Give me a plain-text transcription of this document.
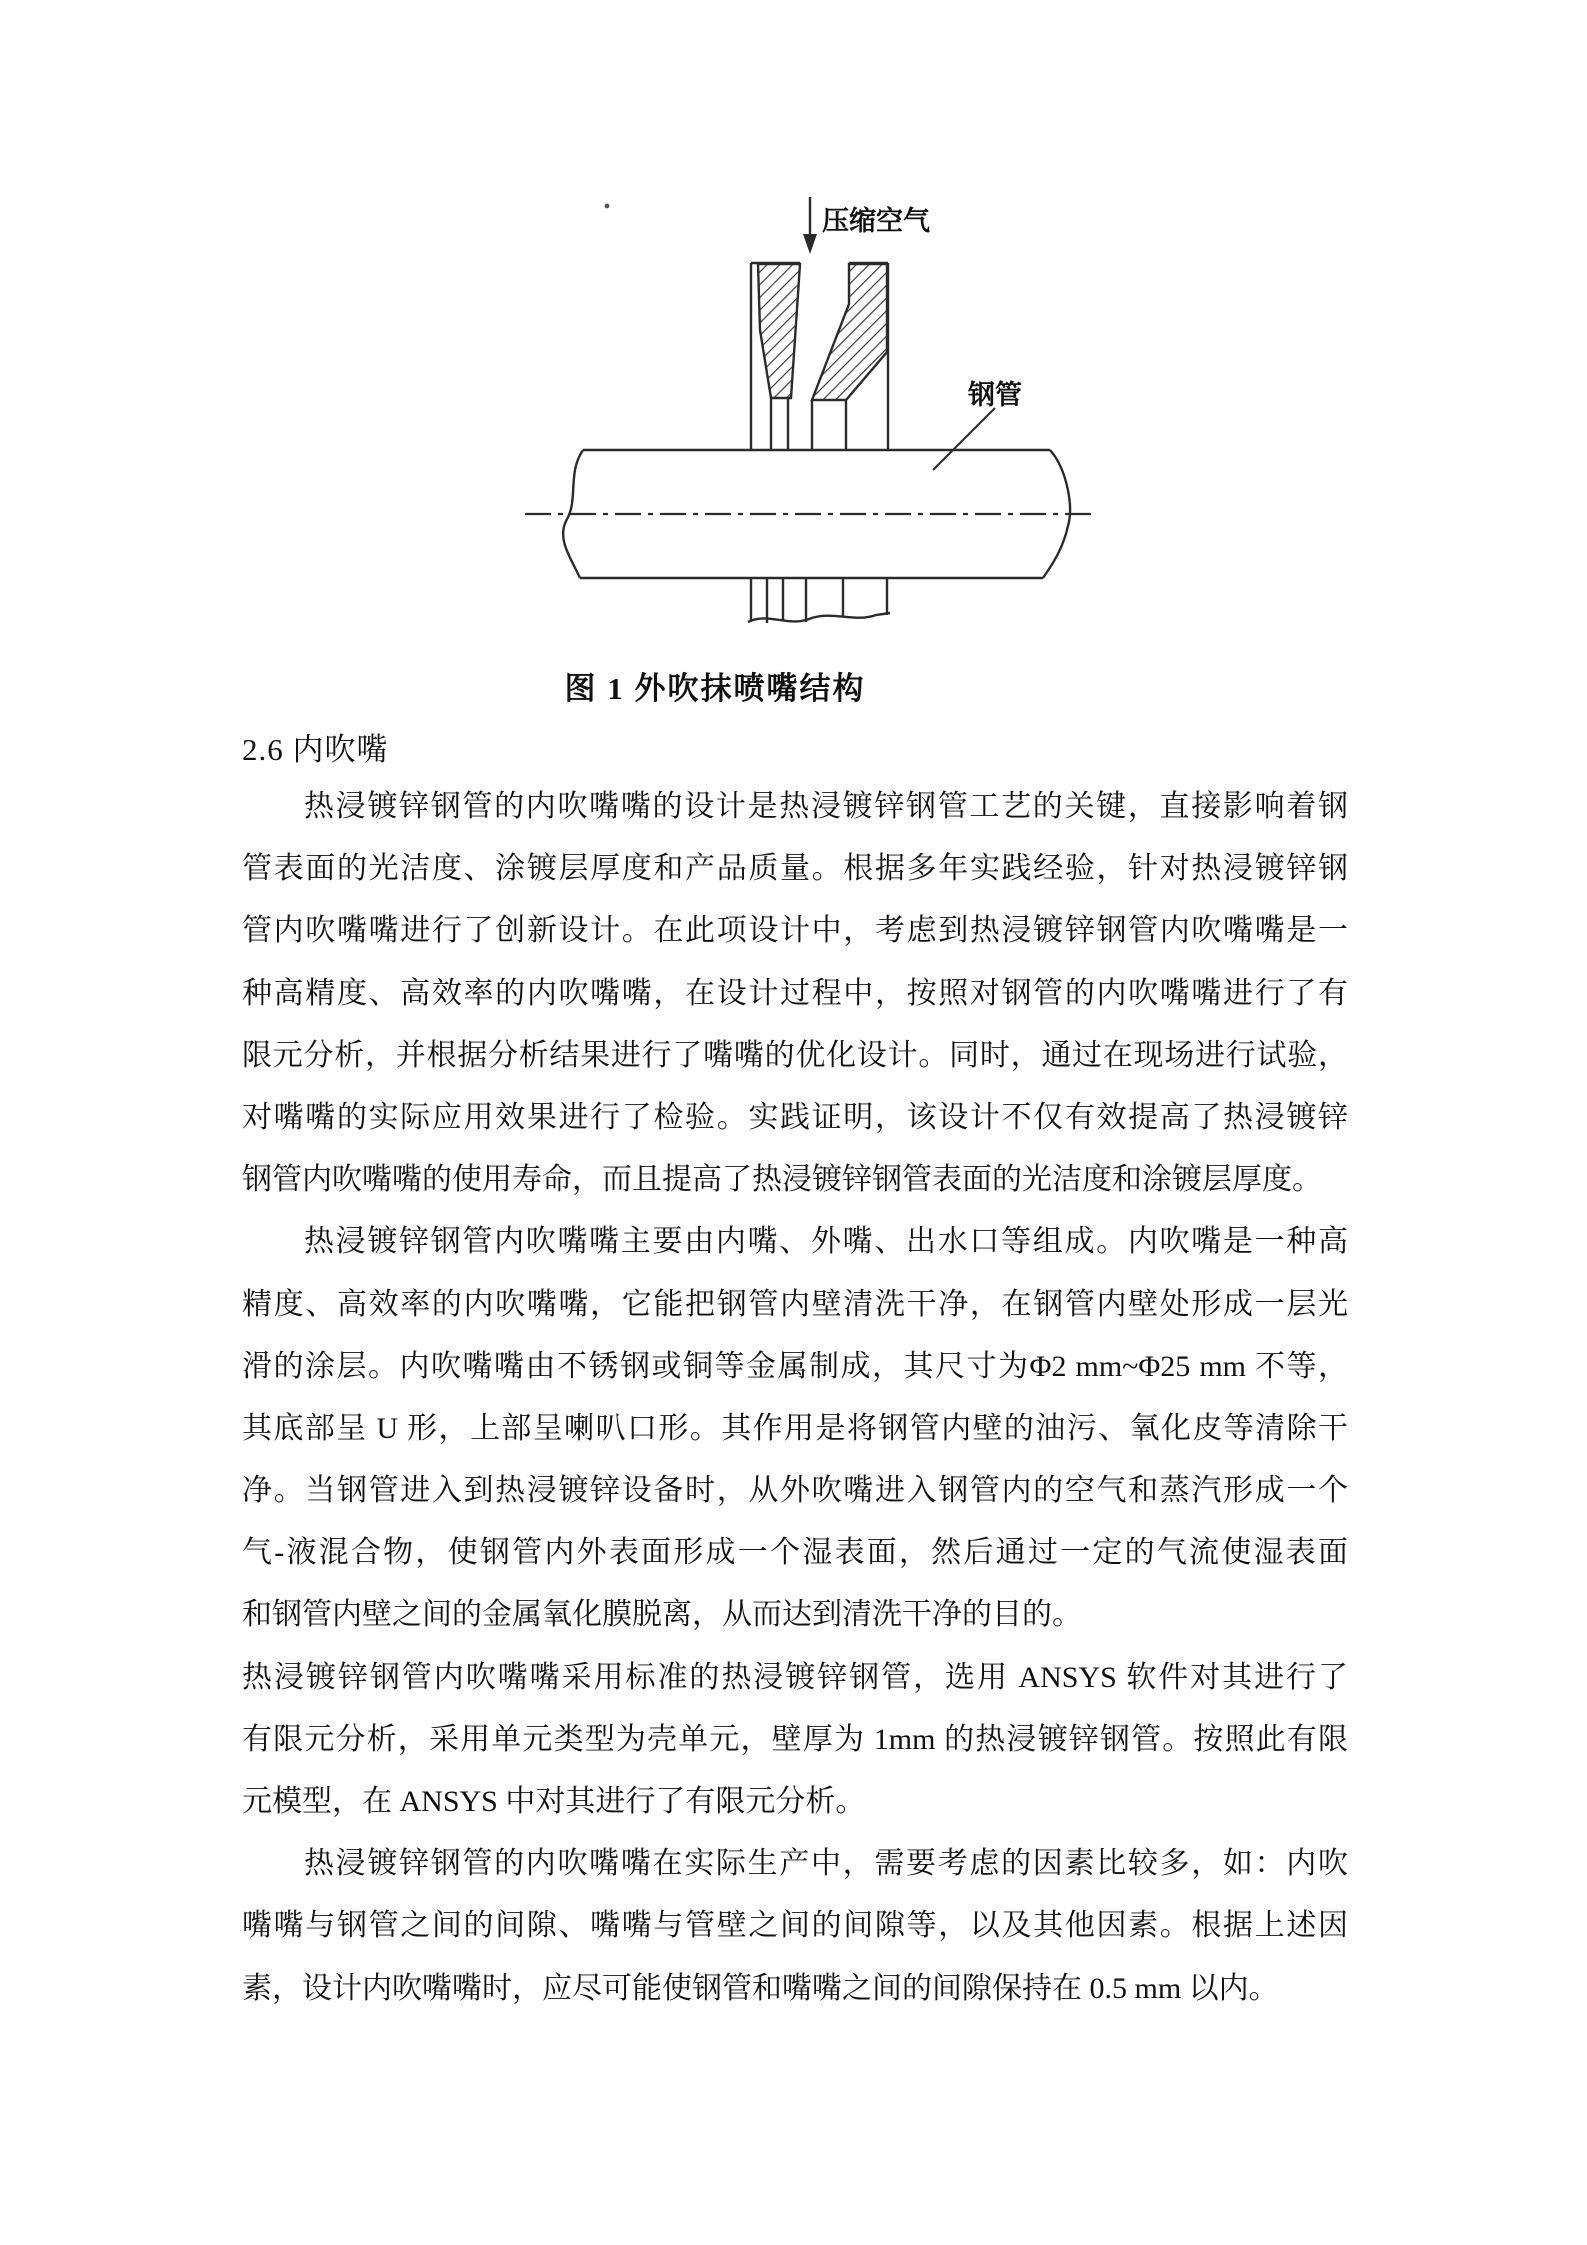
压缩空气
钢管
图 1 外吹抹喷嘴结构
2.6 内吹嘴
热浸镀锌钢管的内吹嘴嘴的设计是热浸镀锌钢管工艺的关键，直接影响着钢
管表面的光洁度、涂镀层厚度和产品质量。根据多年实践经验，针对热浸镀锌钢
管内吹嘴嘴进行了创新设计。在此项设计中，考虑到热浸镀锌钢管内吹嘴嘴是一
种高精度、高效率的内吹嘴嘴，在设计过程中，按照对钢管的内吹嘴嘴进行了有
限元分析，并根据分析结果进行了嘴嘴的优化设计。同时，通过在现场进行试验，
对嘴嘴的实际应用效果进行了检验。实践证明，该设计不仅有效提高了热浸镀锌
钢管内吹嘴嘴的使用寿命，而且提高了热浸镀锌钢管表面的光洁度和涂镀层厚度。
热浸镀锌钢管内吹嘴嘴主要由内嘴、外嘴、出水口等组成。内吹嘴是一种高
精度、高效率的内吹嘴嘴，它能把钢管内壁清洗干净，在钢管内壁处形成一层光
滑的涂层。内吹嘴嘴由不锈钢或铜等金属制成，其尺寸为Φ2 mm~Φ25 mm 不等，
其底部呈 U 形，上部呈喇叭口形。其作用是将钢管内壁的油污、氧化皮等清除干
净。当钢管进入到热浸镀锌设备时，从外吹嘴进入钢管内的空气和蒸汽形成一个
气-液混合物，使钢管内外表面形成一个湿表面，然后通过一定的气流使湿表面
和钢管内壁之间的金属氧化膜脱离，从而达到清洗干净的目的。
热浸镀锌钢管内吹嘴嘴采用标准的热浸镀锌钢管，选用 ANSYS 软件对其进行了
有限元分析，采用单元类型为壳单元，壁厚为 1mm 的热浸镀锌钢管。按照此有限
元模型，在 ANSYS 中对其进行了有限元分析。
热浸镀锌钢管的内吹嘴嘴在实际生产中，需要考虑的因素比较多，如：内吹
嘴嘴与钢管之间的间隙、嘴嘴与管壁之间的间隙等，以及其他因素。根据上述因
素，设计内吹嘴嘴时，应尽可能使钢管和嘴嘴之间的间隙保持在 0.5 mm 以内。
